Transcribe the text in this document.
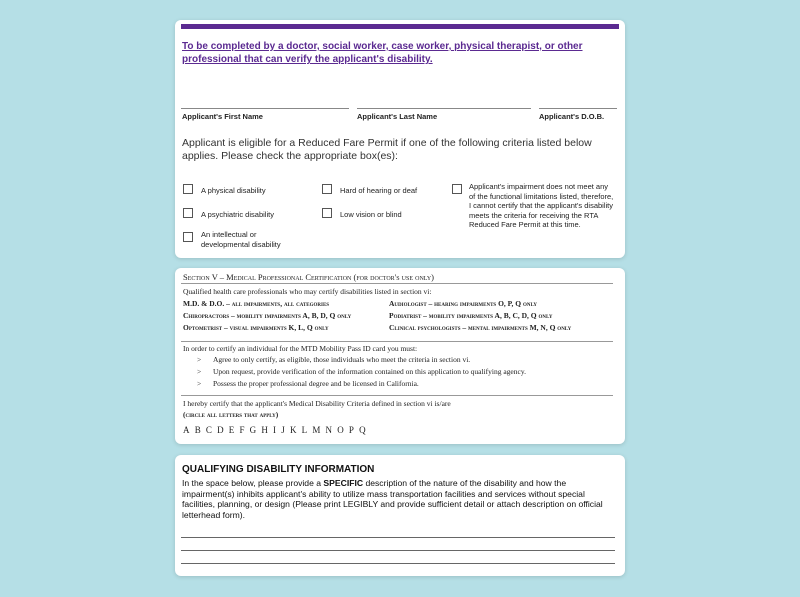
To be completed by a doctor, social worker, case worker, physical therapist, or other professional that can verify the applicant's disability.
Applicant's First Name	Applicant's Last Name	Applicant's D.O.B.
Applicant is eligible for a Reduced Fare Permit if one of the following criteria listed below applies. Please check the appropriate box(es):
A physical disability
A psychiatric disability
An intellectual or developmental disability
Hard of hearing or deaf
Low vision or blind
Applicant's impairment does not meet any of the functional limitations listed, therefore, I cannot certify that the applicant's disability meets the criteria for receiving the RTA Reduced Fare Permit at this time.
Section V – Medical Professional Certification (for doctor's use only)
Qualified health care professionals who may certify disabilities listed in section vi:
M.D. & D.O. – all impairments, all categories
Chiropractors – mobility impairments A, B, D, Q only
Optometrist – visual impairments K, L, Q only
Audiologist – hearing impairments O, P, Q only
Podiatrist – mobility impairments A, B, C, D, Q only
Clinical psychologists – mental impairments M, N, Q only
In order to certify an individual for the MTD Mobility Pass ID card you must:
> Agree to only certify, as eligible, those individuals who meet the criteria in section vi.
> Upon request, provide verification of the information contained on this application to qualifying agency.
> Possess the proper professional degree and be licensed in California.
I hereby certify that the applicant's Medical Disability Criteria defined in section vi is/are
(circle all letters that apply)
A B C D E F G H I J K L M N O P Q
QUALIFYING DISABILITY INFORMATION
In the space below, please provide a SPECIFIC description of the nature of the disability and how the impairment(s) inhibits applicant's ability to utilize mass transportation facilities and services without special facilities, planning, or design (Please print LEGIBLY and provide sufficient detail or attach description on official letterhead form).
